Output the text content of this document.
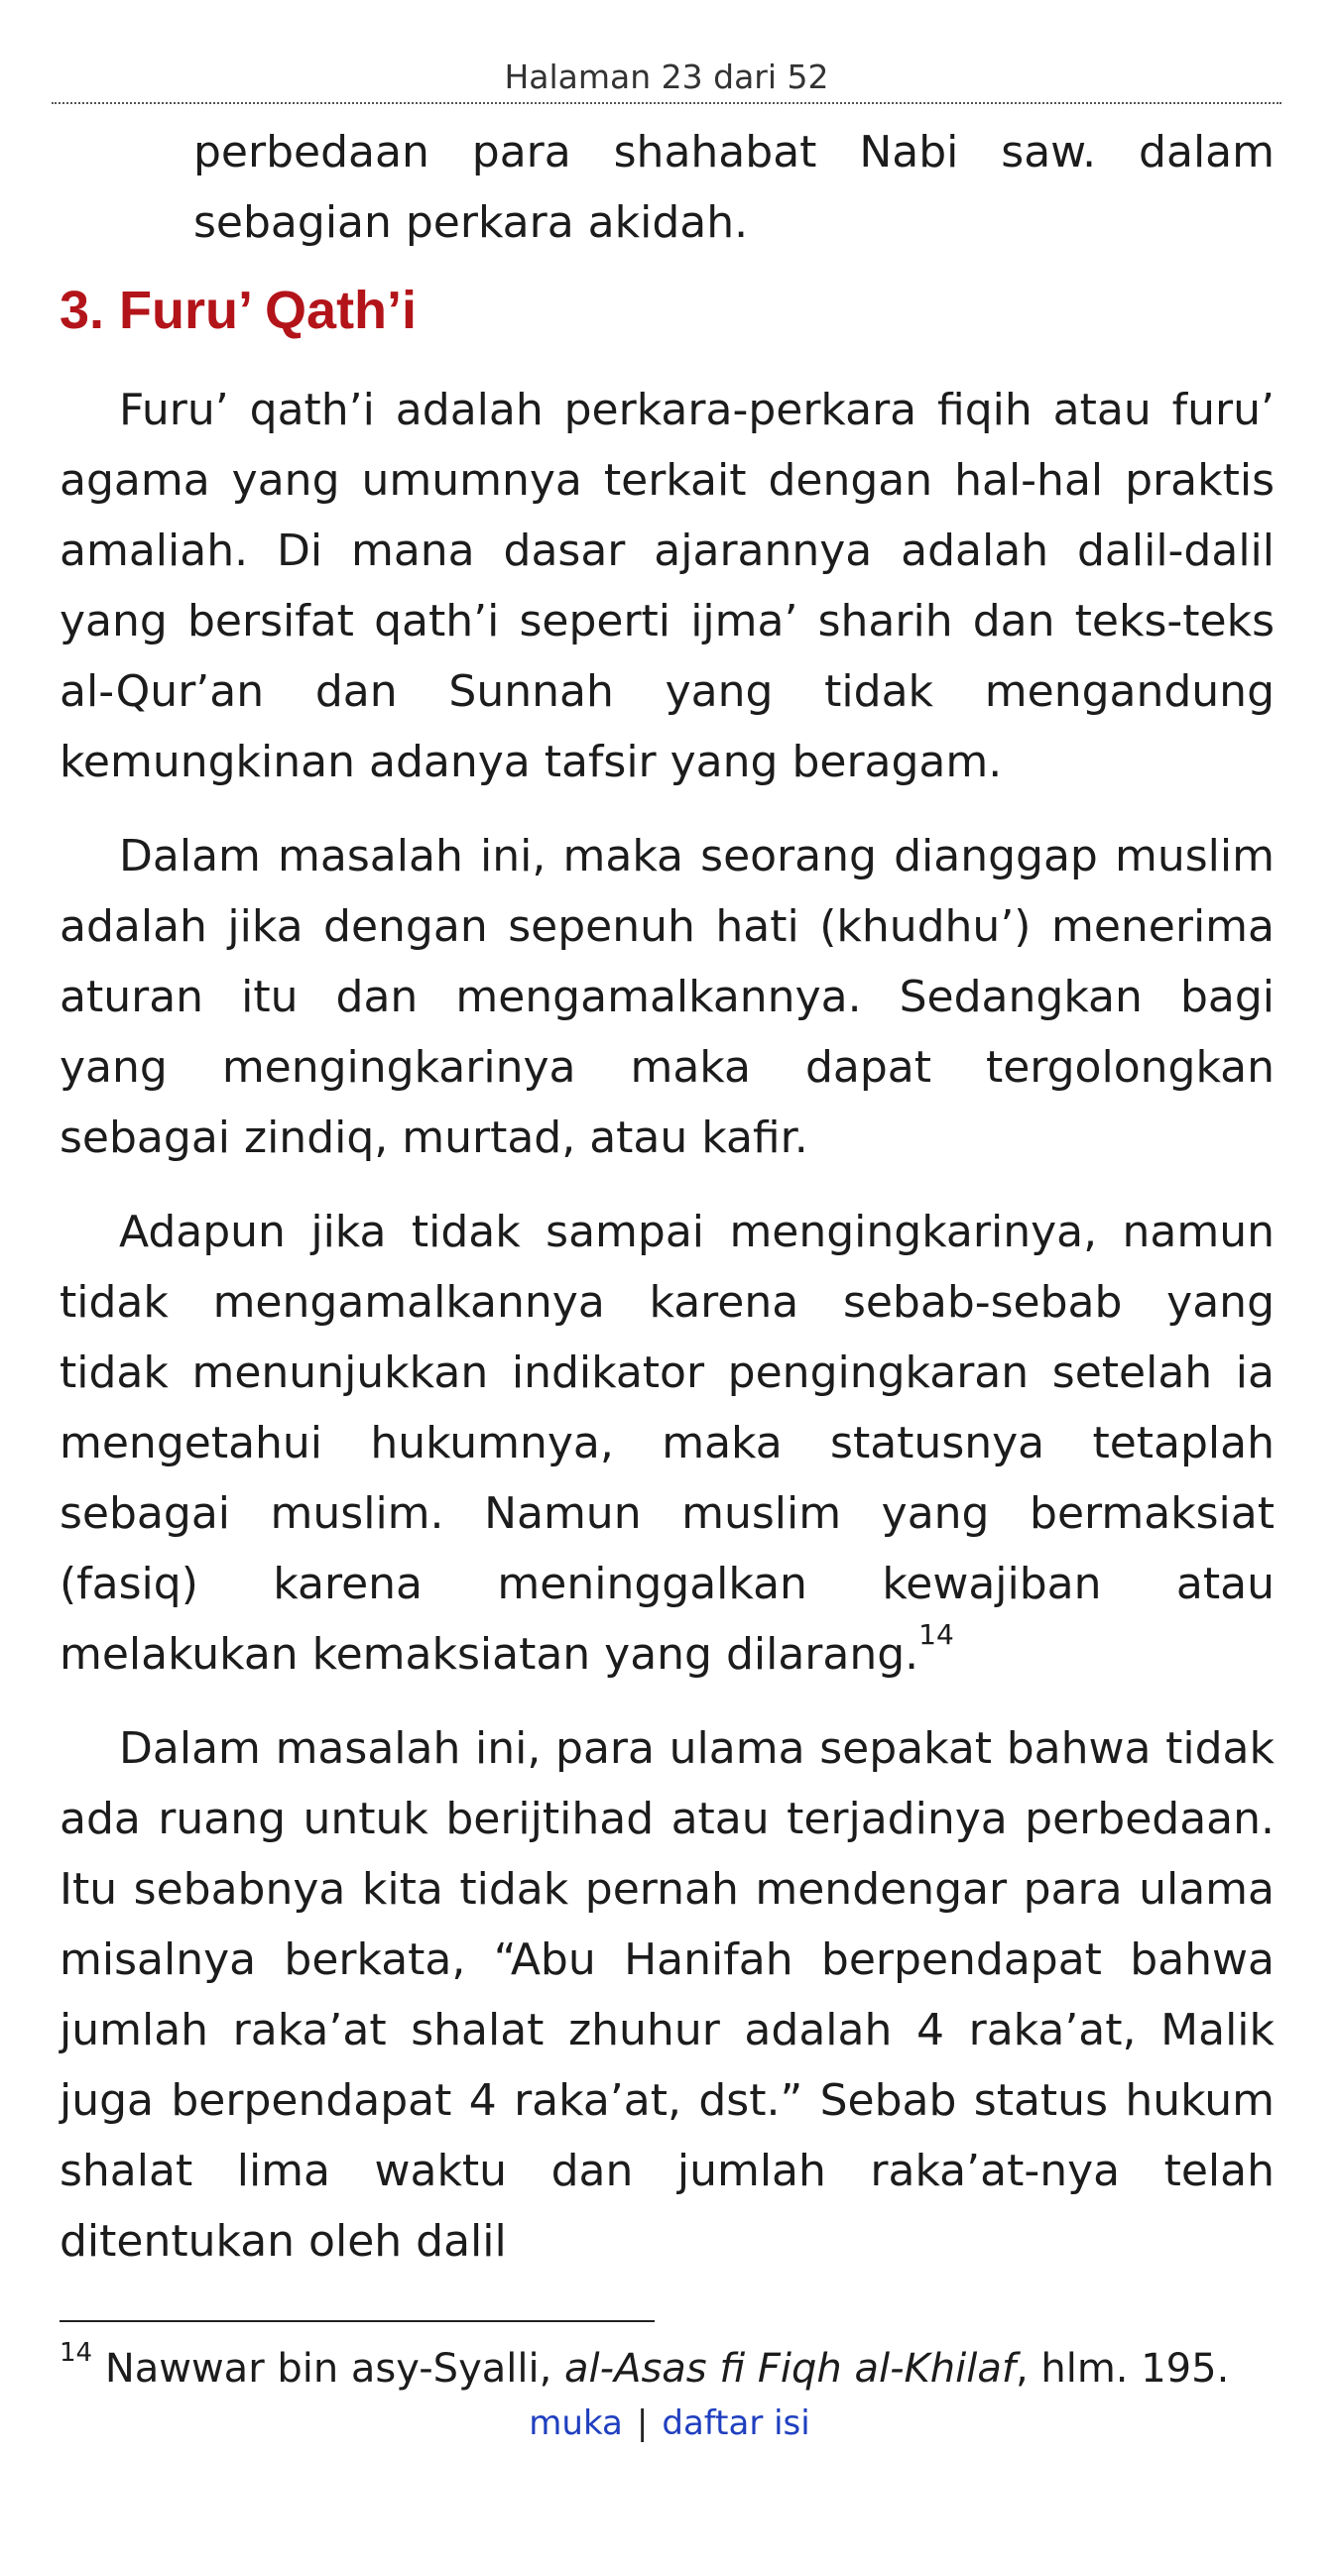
Halaman 23 dari 52

perbedaan para shahabat Nabi saw. dalam sebagian perkara akidah.

3. Furu’ Qath’i

Furu’ qath’i adalah perkara-perkara fiqih atau furu’ agama yang umumnya terkait dengan hal-hal praktis amaliah. Di mana dasar ajarannya adalah dalil-dalil yang bersifat qath’i seperti ijma’ sharih dan teks-teks al-Qur’an dan Sunnah yang tidak mengandung kemungkinan adanya tafsir yang beragam.

Dalam masalah ini, maka seorang dianggap muslim adalah jika dengan sepenuh hati (khudhu’) menerima aturan itu dan mengamalkannya. Sedangkan bagi yang mengingkarinya maka dapat tergolongkan sebagai zindiq, murtad, atau kafir.

Adapun jika tidak sampai mengingkarinya, namun tidak mengamalkannya karena sebab-sebab yang tidak menunjukkan indikator pengingkaran setelah ia mengetahui hukumnya, maka statusnya tetaplah sebagai muslim. Namun muslim yang bermaksiat (fasiq) karena meninggalkan kewajiban atau melakukan kemaksiatan yang dilarang.$^{14}$

Dalam masalah ini, para ulama sepakat bahwa tidak ada ruang untuk berijtihad atau terjadinya perbedaan. Itu sebabnya kita tidak pernah mendengar para ulama misalnya berkata, “Abu Hanifah berpendapat bahwa jumlah raka’at shalat zhuhur adalah 4 raka’at, Malik juga berpendapat 4 raka’at, dst.” Sebab status hukum shalat lima waktu dan jumlah raka’at-nya telah ditentukan oleh dalil

$^{14}$ Nawwar bin asy-Syalli, al-Asas fi Fiqh al-Khilaf, hlm. 195.

muka | daftar isi
